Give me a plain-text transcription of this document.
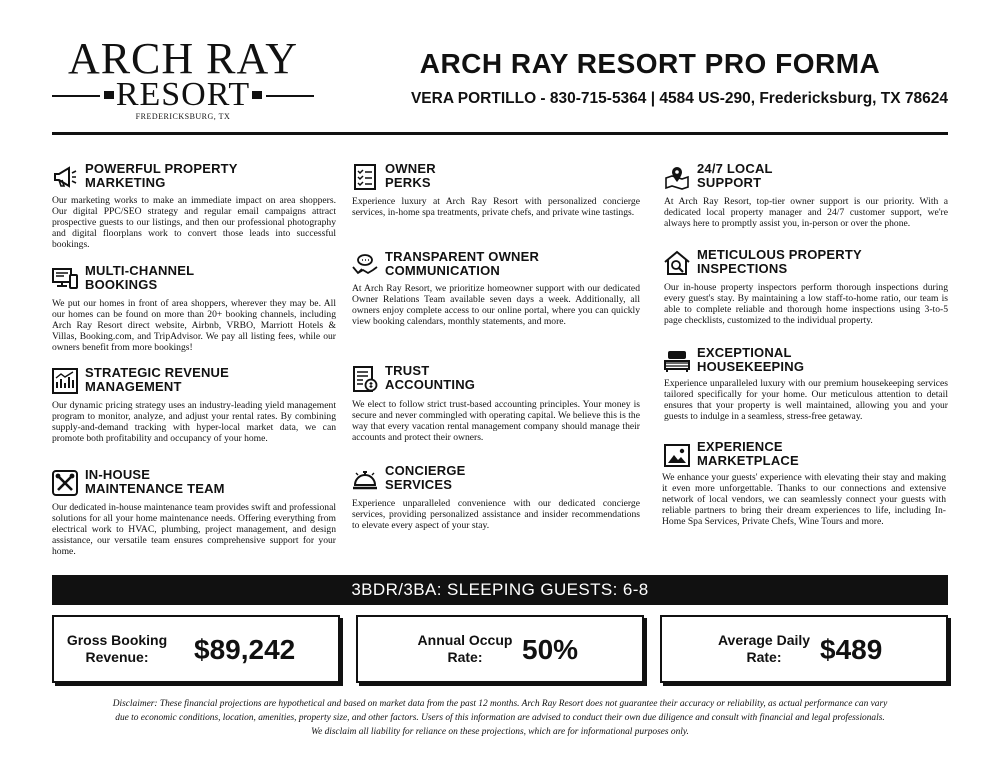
ARCH RAY
RESORT
FREDERICKSBURG, TX
ARCH RAY RESORT PRO FORMA
VERA PORTILLO - 830-715-5364 | 4584 US-290, Fredericksburg, TX 78624
POWERFUL PROPERTY
MARKETING
Our marketing works to make an immediate impact on area shoppers. Our digital PPC/SEO strategy and regular email campaigns attract prospective guests to our listings, and then our professional photography and digital floorplans work to convert those leads into successful bookings.
MULTI-CHANNEL
BOOKINGS
We put our homes in front of area shoppers, wherever they may be. All our homes can be found on more than 20+ booking channels, including Arch Ray Resort direct website, Airbnb, VRBO, Marriott Hotels & Villas, Booking.com, and TripAdvisor. We pay all listing fees, while our owners benefit from more bookings!
STRATEGIC REVENUE
MANAGEMENT
Our dynamic pricing strategy uses an industry-leading yield management program to monitor, analyze, and adjust your rental rates. By combining supply-and-demand tracking with hyper-local market data, we can promote both profitability and occupancy of your home.
IN-HOUSE
MAINTENANCE TEAM
Our dedicated in-house maintenance team provides swift and professional solutions for all your home maintenance needs. Offering everything from electrical work to HVAC, plumbing, project management, and design assistance, our versatile team ensures comprehensive support for your home.
OWNER
PERKS
Experience luxury at Arch Ray Resort with personalized concierge services, in-home spa treatments, private chefs, and private wine tastings.
TRANSPARENT OWNER
COMMUNICATION
At Arch Ray Resort, we prioritize homeowner support with our dedicated Owner Relations Team available seven days a week. Additionally, all owners enjoy complete access to our online portal, where you can quickly view booking calendars, monthly statements, and more.
TRUST
ACCOUNTING
We elect to follow strict trust-based accounting principles. Your money is secure and never commingled with operating capital. We believe this is the way that every vacation rental management company should manage their accounts and protect their owners.
CONCIERGE
SERVICES
Experience unparalleled convenience with our dedicated concierge services, providing personalized assistance and insider recommendations to elevate every aspect of your stay.
24/7 LOCAL
SUPPORT
At Arch Ray Resort, top-tier owner support is our priority. With a dedicated local property manager and 24/7 customer support, we're always here to promptly assist you, in-person or over the phone.
METICULOUS PROPERTY
INSPECTIONS
Our in-house property inspectors perform thorough inspections during every guest's stay. By maintaining a low staff-to-home ratio, our team is able to complete reliable and thorough home inspections using 3-to-5 page checklists, customized to the individual property.
EXCEPTIONAL
HOUSEKEEPING
Experience unparalleled luxury with our premium housekeeping services tailored specifically for your home. Our meticulous attention to detail ensures that your property is well maintained, allowing you and your guests to indulge in a seamless, stress-free getaway.
EXPERIENCE
MARKETPLACE
We enhance your guests' experience with elevating their stay and making it even more unforgettable. Thanks to our connections and extensive network of local vendors, we can seamlessly connect your guests with reliable partners to bring their dream experiences to life, including In-Home Spa Services, Private Chefs, Wine Tours and more.
3BDR/3BA: SLEEPING GUESTS: 6-8
Gross Booking
Revenue:	$89,242	Annual Occup
Rate:	50%	Average Daily
Rate:	$489
Disclaimer: These financial projections are hypothetical and based on market data from the past 12 months. Arch Ray Resort does not guarantee their accuracy or reliability, as actual performance can vary
due to economic conditions, location, amenities, property size, and other factors. Users of this information are advised to conduct their own due diligence and consult with financial and legal professionals.
We disclaim all liability for reliance on these projections, which are for informational purposes only.
